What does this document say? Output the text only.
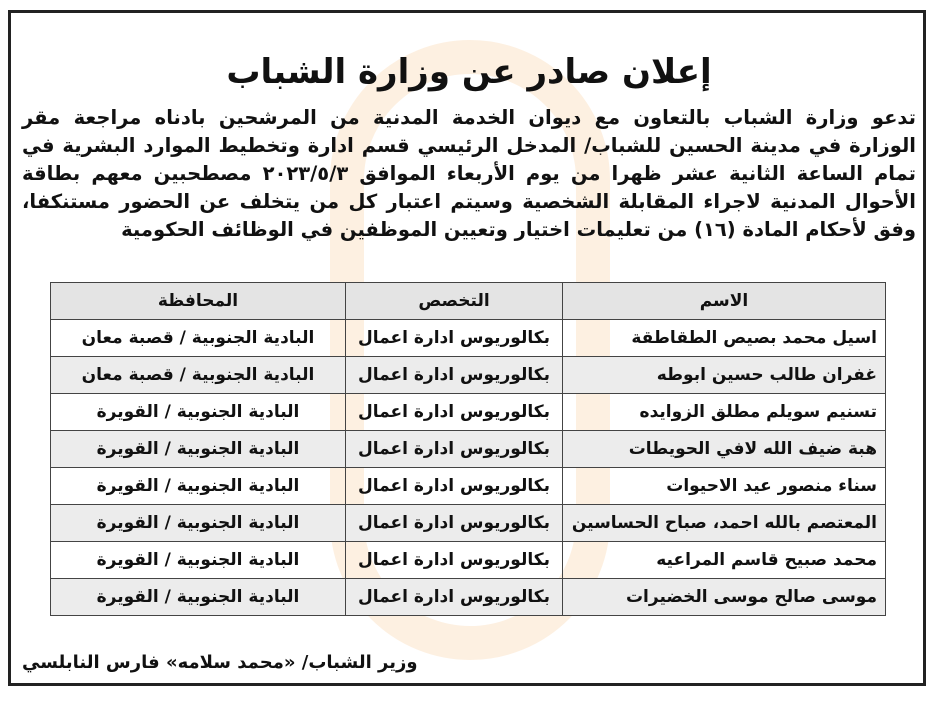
إعلان صادر عن وزارة الشباب
تدعو وزارة الشباب بالتعاون مع ديوان الخدمة المدنية من المرشحين بادناه مراجعة مقر
الوزارة في مدينة الحسين للشباب/ المدخل الرئيسي قسم ادارة وتخطيط الموارد البشرية في
تمام الساعة الثانية عشر ظهرا من يوم الأربعاء الموافق ٢٠٢٣/٥/٣ مصطحبين معهم بطاقة
الأحوال المدنية لاجراء المقابلة الشخصية وسيتم اعتبار كل من يتخلف عن الحضور مستنكفا،
وفق لأحكام المادة (١٦) من تعليمات اختيار وتعيين الموظفين في الوظائف الحكومية
الاسم	التخصص	المحافظة
اسيل محمد بصيص الطقاطقة	بكالوريوس ادارة اعمال	البادية الجنوبية / قصبة معان
غفران طالب حسين ابوطه	بكالوريوس ادارة اعمال	البادية الجنوبية / قصبة معان
تسنيم سويلم مطلق الزوايده	بكالوريوس ادارة اعمال	البادية الجنوبية / القويرة
هبة ضيف الله لافي الحويطات	بكالوريوس ادارة اعمال	البادية الجنوبية / القويرة
سناء منصور عيد الاحيوات	بكالوريوس ادارة اعمال	البادية الجنوبية / القويرة
المعتصم بالله احمد، صباح الحساسين	بكالوريوس ادارة اعمال	البادية الجنوبية / القويرة
محمد صبيح قاسم المراعيه	بكالوريوس ادارة اعمال	البادية الجنوبية / القويرة
موسى صالح موسى الخضيرات	بكالوريوس ادارة اعمال	البادية الجنوبية / القويرة
وزير الشباب/ «محمد سلامه» فارس النابلسي
